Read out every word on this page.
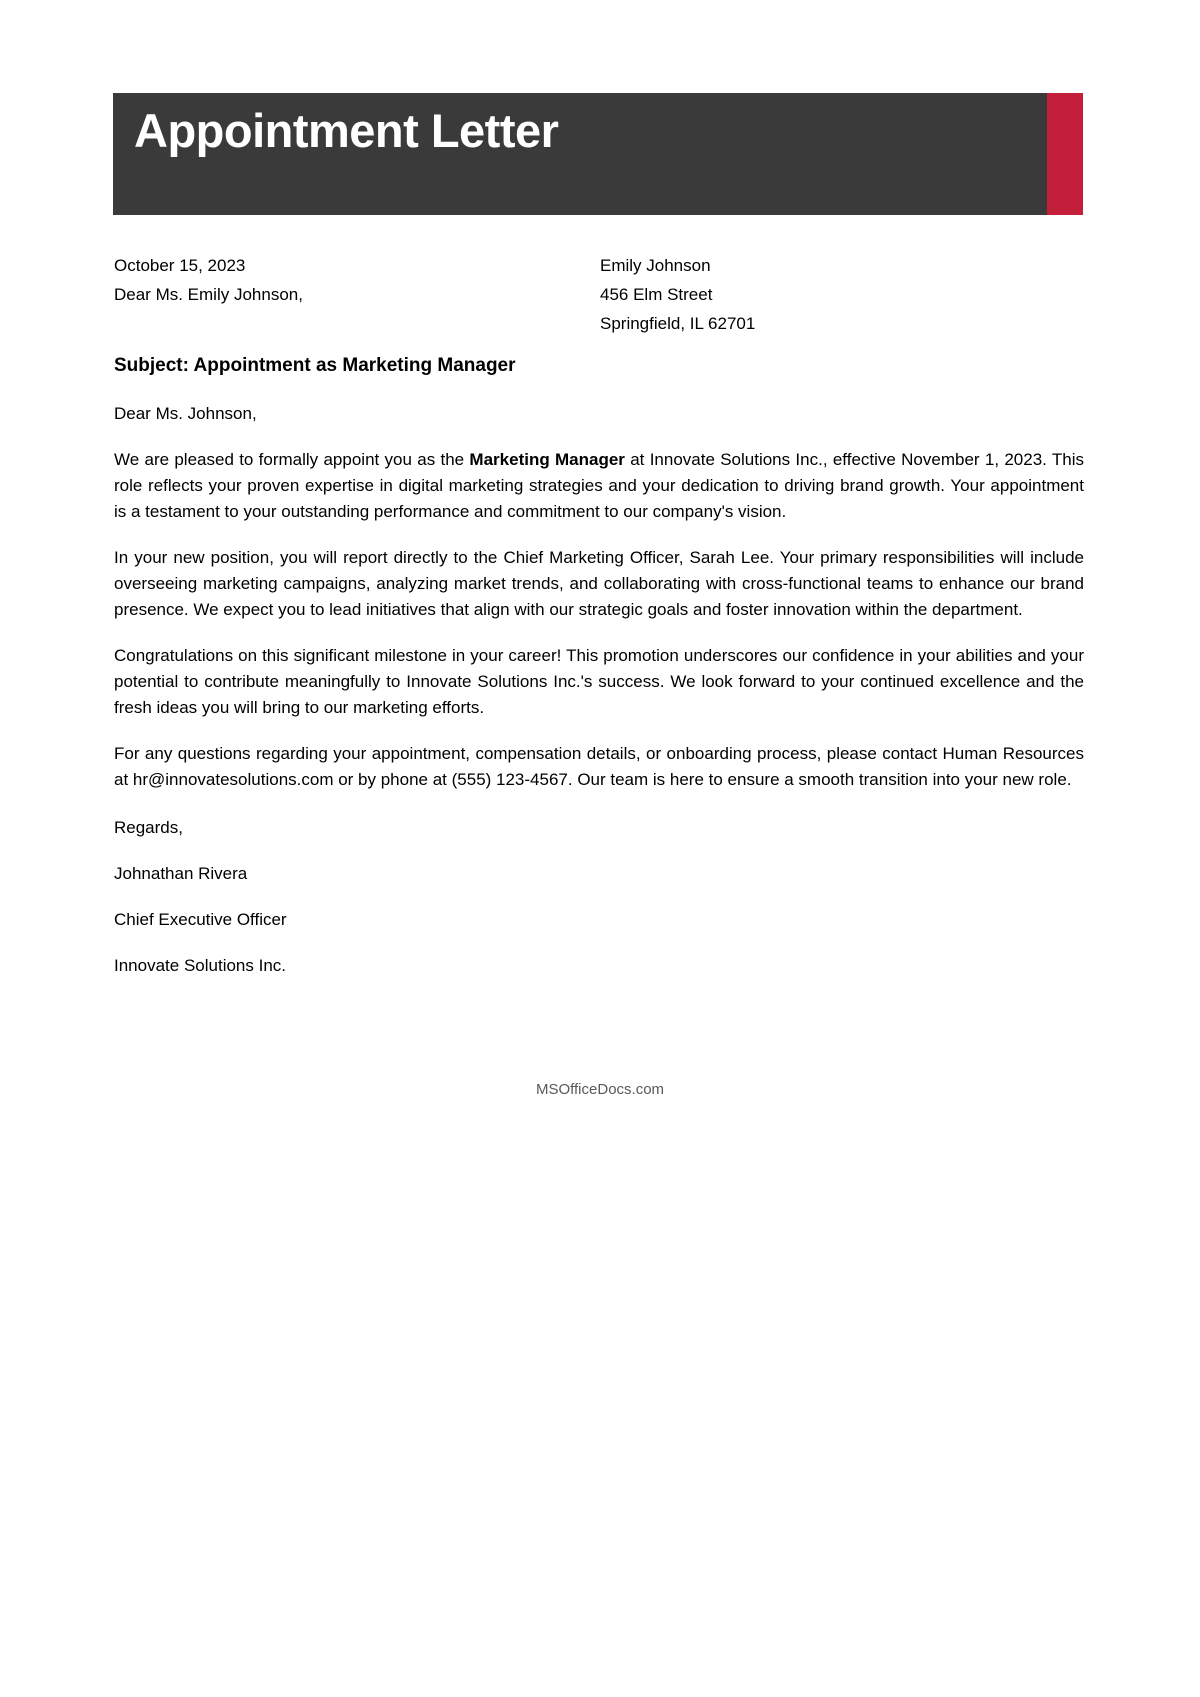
Appointment Letter
October 15, 2023
Dear Ms. Emily Johnson,
Emily Johnson
456 Elm Street
Springfield, IL 62701
Subject: Appointment as Marketing Manager

Dear Ms. Johnson,

We are pleased to formally appoint you as the Marketing Manager at Innovate Solutions Inc., effective November 1, 2023. This role reflects your proven expertise in digital marketing strategies and your dedication to driving brand growth. Your appointment is a testament to your outstanding performance and commitment to our company's vision.

In your new position, you will report directly to the Chief Marketing Officer, Sarah Lee. Your primary responsibilities will include overseeing marketing campaigns, analyzing market trends, and collaborating with cross-functional teams to enhance our brand presence. We expect you to lead initiatives that align with our strategic goals and foster innovation within the department.

Congratulations on this significant milestone in your career! This promotion underscores our confidence in your abilities and your potential to contribute meaningfully to Innovate Solutions Inc.'s success. We look forward to your continued excellence and the fresh ideas you will bring to our marketing efforts.

For any questions regarding your appointment, compensation details, or onboarding process, please contact Human Resources at hr@innovatesolutions.com or by phone at (555) 123-4567. Our team is here to ensure a smooth transition into your new role.

Regards,

Johnathan Rivera

Chief Executive Officer

Innovate Solutions Inc.

MSOfficeDocs.com
